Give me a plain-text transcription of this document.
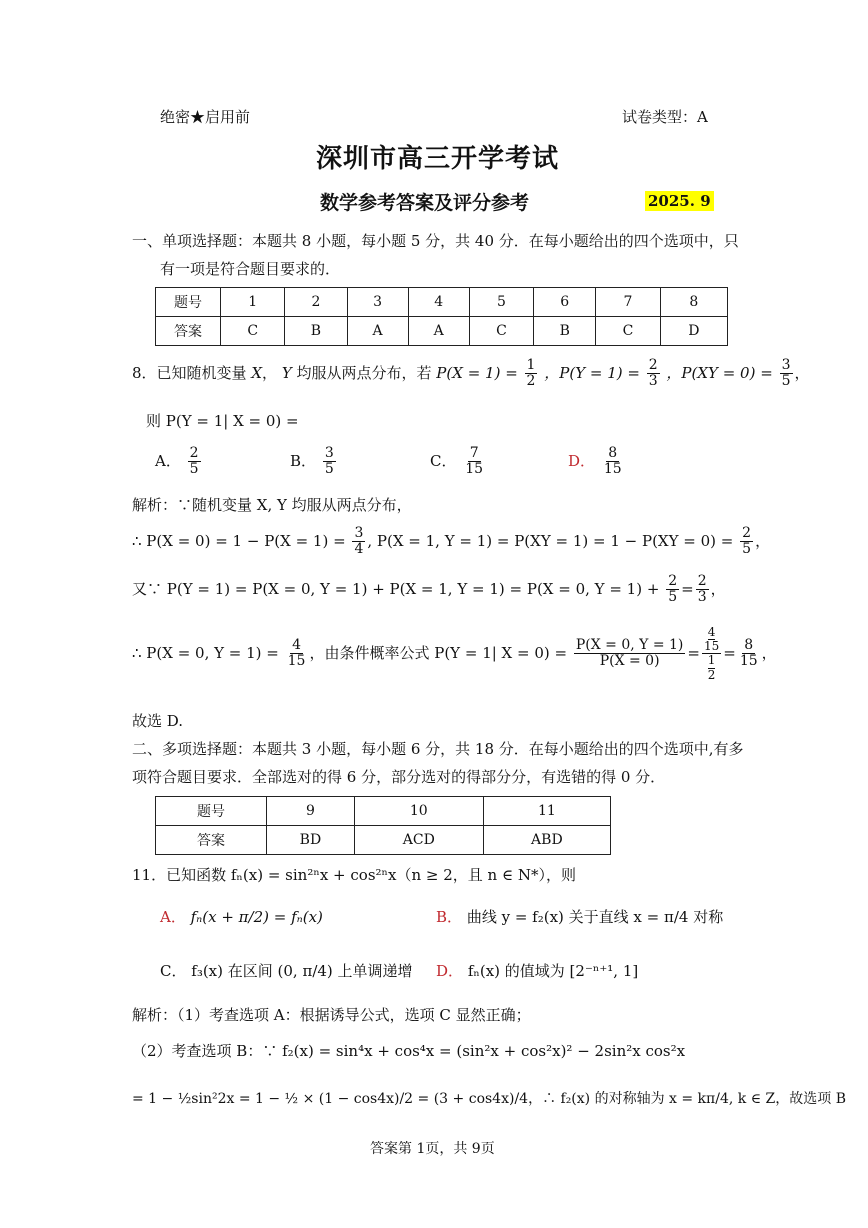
绝密★启用前	试卷类型：A
深圳市高三开学考试
数学参考答案及评分参考	2025. 9
一、单项选择题：本题共 8 小题，每小题 5 分，共 40 分．在每小题给出的四个选项中，只
有一项是符合题目要求的．
题号	1	2	3	4	5	6	7	8
答案	C	B	A	A	C	B	C	D
8．已知随机变量 X， Y 均服从两点分布，若 $P(X = 1) = \frac{1}{2}$ ，$P(Y = 1) = \frac{2}{3}$ ，$P(XY = 0) = \frac{3}{5}$ ，
则 P(Y = 1| X = 0) =
A． $\frac{2}{5}$	B． $\frac{3}{5}$	C． $\frac{7}{15}$	D． $\frac{8}{15}$
解析：∵随机变量 X, Y 均服从两点分布，
∴ $P(X = 0) = 1 - P(X = 1) = \frac{3}{4}$ , P(X = 1, $Y = 1) = P(XY = 1) = 1 - P(XY = 0) = \frac{2}{5}$ ，
又∵ P(Y = 1) = P(X = 0, Y = 1) + P(X = 1, Y = 1) = P(X = 0, $Y = 1) + \frac{2}{5} = \frac{2}{3}$ ，
∴ P(X = 0, $Y = 1) = \frac{4}{15}$ ，由条件概率公式 P(Y = 1| $X = 0) = \frac{P(X = 0, Y = 1)}{P(X = 0)} = \frac{\frac{4}{15}}{\frac{1}{2}} = \frac{8}{15}$ ，
故选 D.
二、多项选择题：本题共 3 小题，每小题 6 分，共 18 分．在每小题给出的四个选项中,有多
项符合题目要求．全部选对的得 6 分，部分选对的得部分分，有选错的得 0 分．
题号	9	10	11
答案	BD	ACD	ABD
11．已知函数 fₙ(x) = sin²ⁿx + cos²ⁿx（n ≥ 2，且 n ∈ N*），则
A． fₙ(x + π/2) = fₙ(x)	B． 曲线 y = f₂(x) 关于直线 x = π/4 对称
C． f₃(x) 在区间 (0, π/4) 上单调递增 D． fₙ(x) 的值域为 [2⁻ⁿ⁺¹, 1]
解析：（1）考查选项 A：根据诱导公式，选项 C 显然正确；
（2）考查选项 B：∵ f₂(x) = sin⁴x + cos⁴x = (sin²x + cos²x)² − 2sin²x cos²x
= 1 − ½sin²2x = 1 − ½ × (1 − cos4x)/2 = (3 + cos4x)/4，∴ f₂(x) 的对称轴为 x = kπ/4, k ∈ Z，故选项 B
答案第 1页，共 9页
